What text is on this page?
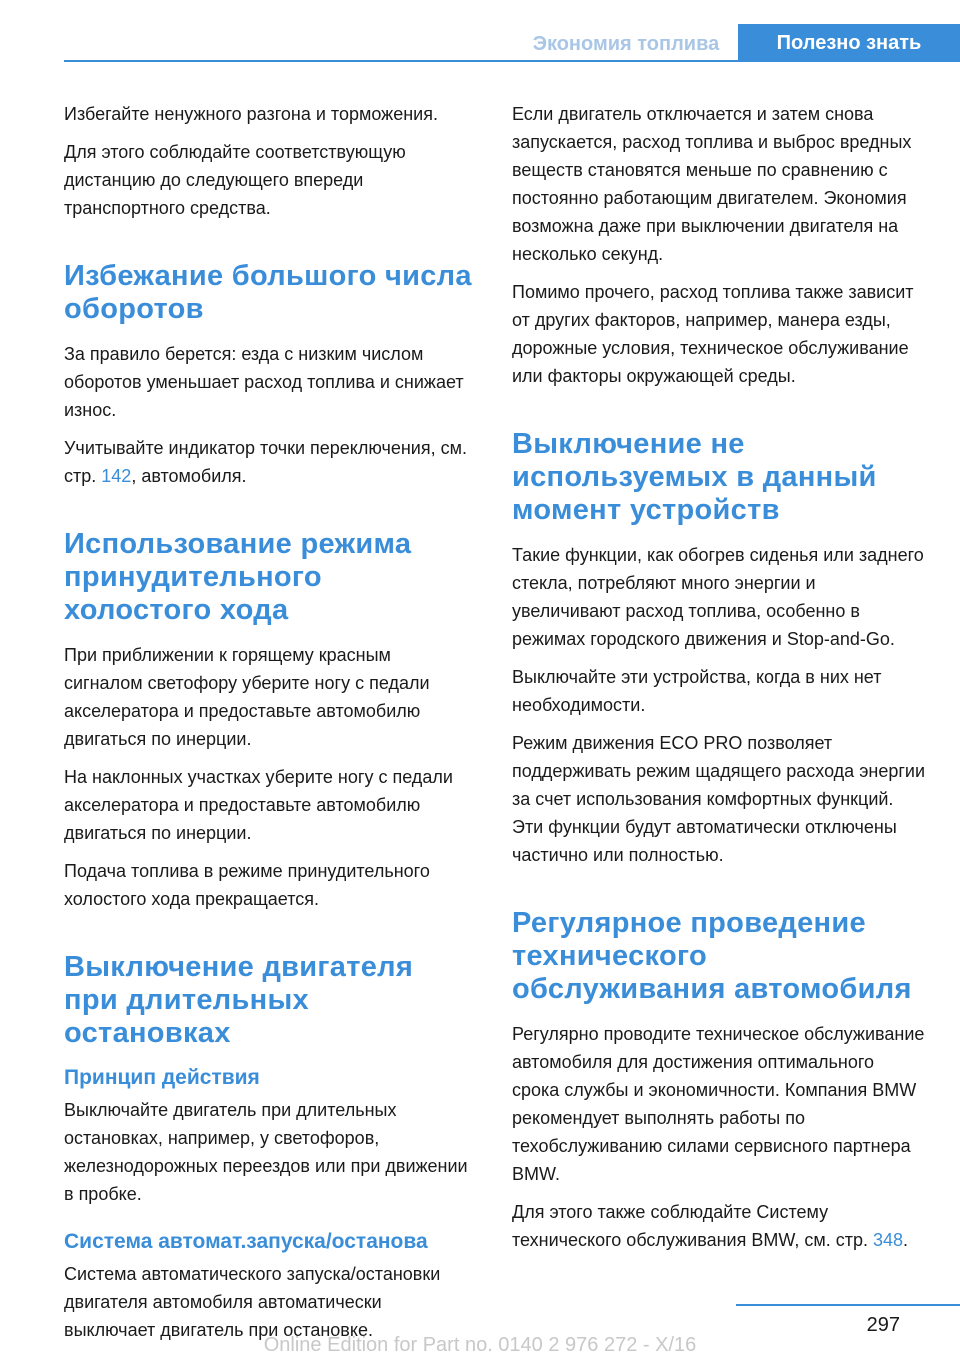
Экономия топлива	Полезно знать

Избегайте ненужного разгона и торможения.

Для этого соблюдайте соответствующую дистанцию до следующего впереди транспортного средства.

Избежание большого числа оборотов

За правило берется: езда с низким числом оборотов уменьшает расход топлива и снижает износ.

Учитывайте индикатор точки переключения, см. стр. 142, автомобиля.

Использование режима принудительного холостого хода

При приближении к горящему красным сигналом светофору уберите ногу с педали акселератора и предоставьте автомобилю двигаться по инерции.

На наклонных участках уберите ногу с педали акселератора и предоставьте автомобилю двигаться по инерции.

Подача топлива в режиме принудительного холостого хода прекращается.

Выключение двигателя при длительных остановках
Принцип действия

Выключайте двигатель при длительных остановках, например, у светофоров, железнодорожных переездов или при движении в пробке.

Система автомат.запуска/останова

Система автоматического запуска/остановки двигателя автомобиля автоматически выключает двигатель при остановке.

Если двигатель отключается и затем снова запускается, расход топлива и выброс вредных веществ становятся меньше по сравнению с постоянно работающим двигателем. Экономия возможна даже при выключении двигателя на несколько секунд.

Помимо прочего, расход топлива также зависит от других факторов, например, манера езды, дорожные условия, техническое обслуживание или факторы окружающей среды.

Выключение не используемых в данный момент устройств

Такие функции, как обогрев сиденья или заднего стекла, потребляют много энергии и увеличивают расход топлива, особенно в режимах городского движения и Stop-and-Go.

Выключайте эти устройства, когда в них нет необходимости.

Режим движения ECO PRO позволяет поддерживать режим щадящего расхода энергии за счет использования комфортных функций. Эти функции будут автоматически отключены частично или полностью.

Регулярное проведение технического обслуживания автомобиля

Регулярно проводите техническое обслуживание автомобиля для достижения оптимального срока службы и экономичности. Компания BMW рекомендует выполнять работы по техобслуживанию силами сервисного партнера BMW.

Для этого также соблюдайте Систему технического обслуживания BMW, см. стр. 348.

297
Online Edition for Part no. 0140 2 976 272 - X/16
